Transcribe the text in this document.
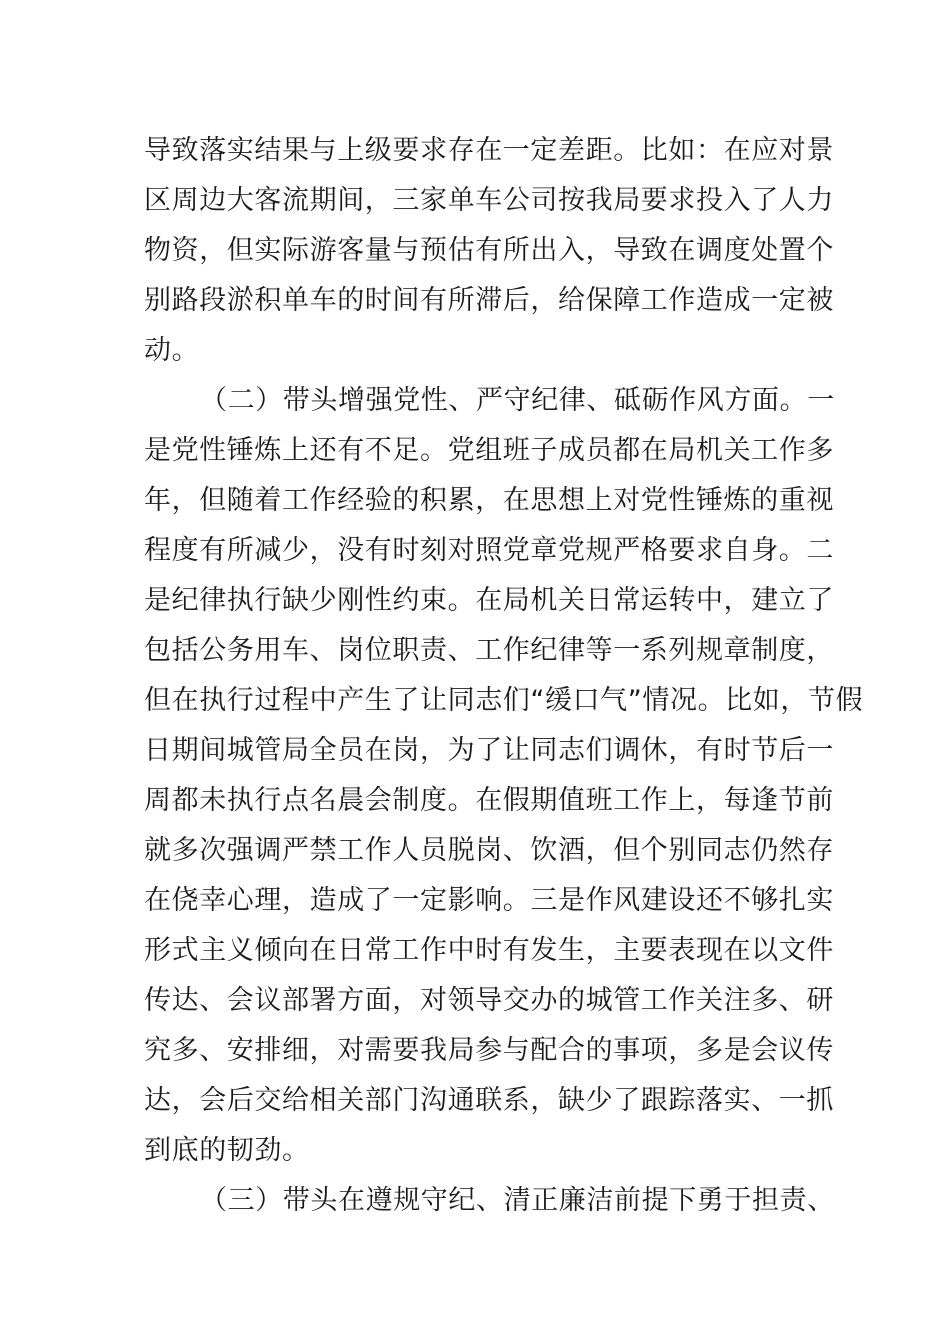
导致落实结果与上级要求存在一定差距。比如：在应对景
区周边大客流期间，三家单车公司按我局要求投入了人力
物资，但实际游客量与预估有所出入，导致在调度处置个
别路段淤积单车的时间有所滞后，给保障工作造成一定被
动。
（二）带头增强党性、严守纪律、砥砺作风方面。一
是党性锤炼上还有不足。党组班子成员都在局机关工作多
年，但随着工作经验的积累，在思想上对党性锤炼的重视
程度有所减少，没有时刻对照党章党规严格要求自身。二
是纪律执行缺少刚性约束。在局机关日常运转中，建立了
包括公务用车、岗位职责、工作纪律等一系列规章制度，
但在执行过程中产生了让同志们“缓口气”情况。比如，节假
日期间城管局全员在岗，为了让同志们调休，有时节后一
周都未执行点名晨会制度。在假期值班工作上，每逢节前
就多次强调严禁工作人员脱岗、饮酒，但个别同志仍然存
在侥幸心理，造成了一定影响。三是作风建设还不够扎实
形式主义倾向在日常工作中时有发生，主要表现在以文件
传达、会议部署方面，对领导交办的城管工作关注多、研
究多、安排细，对需要我局参与配合的事项，多是会议传
达，会后交给相关部门沟通联系，缺少了跟踪落实、一抓
到底的韧劲。
（三）带头在遵规守纪、清正廉洁前提下勇于担责、
